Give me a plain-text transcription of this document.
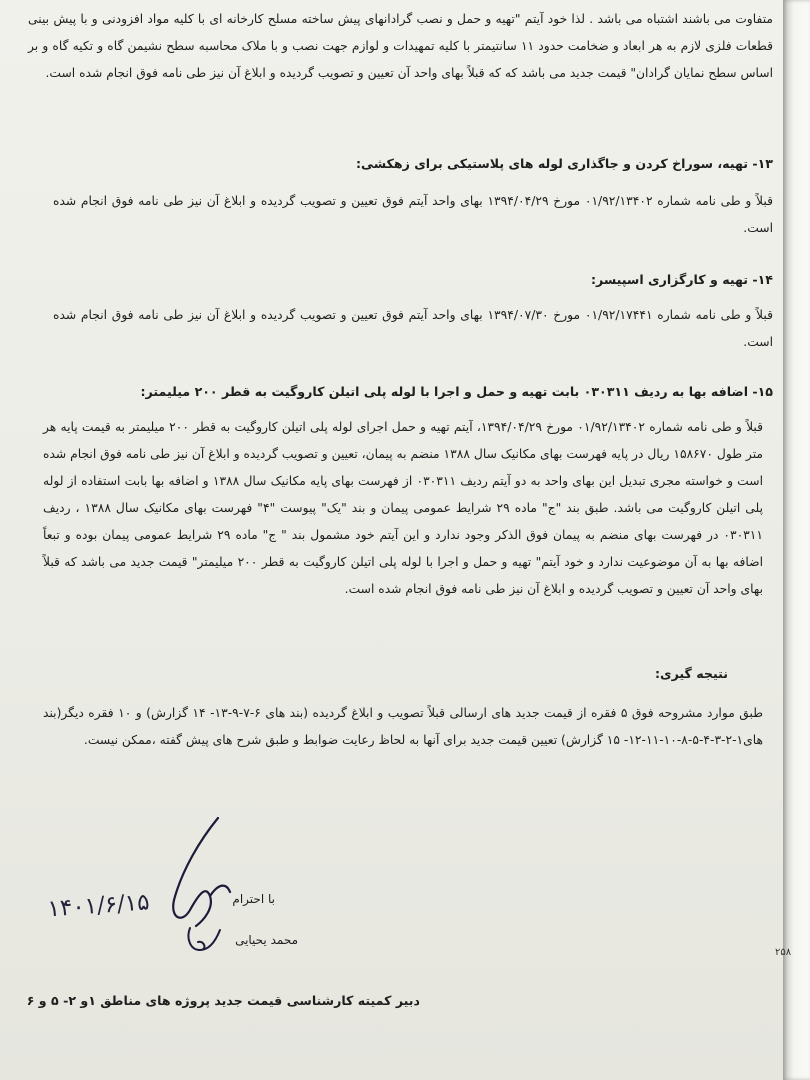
۲۵۸

متفاوت می باشند اشتباه می باشد . لذا خود آیتم "تهیه و حمل و نصب گرادانهای پیش ساخته مسلح کارخانه ای با کلیه مواد افزودنی و با پیش بینی قطعات فلزی لازم به هر ابعاد و ضخامت حدود ۱۱ سانتیمتر با کلیه تمهیدات و لوازم جهت نصب و با ملاک محاسبه سطح نشیمن گاه و تکیه گاه و بر اساس سطح نمایان گرادان" قیمت جدید می باشد که که قبلاً بهای واحد آن تعیین و تصویب گردیده و ابلاغ آن نیز طی نامه فوق انجام شده است.

۱۳- تهیه، سوراخ کردن و جاگذاری لوله های پلاستیکی برای زهکشی:

قبلاً و طی نامه شماره ۰۱/۹۲/۱۳۴۰۲ مورخ ۱۳۹۴/۰۴/۲۹ بهای واحد آیتم فوق تعیین و تصویب گردیده و ابلاغ آن نیز طی نامه فوق انجام شده است.

۱۴- تهیه و کارگزاری اسپیسر:

قبلاً و طی نامه شماره ۰۱/۹۲/۱۷۴۴۱ مورخ ۱۳۹۴/۰۷/۳۰ بهای واحد آیتم فوق تعیین و تصویب گردیده و ابلاغ آن نیز طی نامه فوق انجام شده است.

۱۵- اضافه بها به ردیف ۰۳۰۳۱۱ بابت تهیه و حمل و اجرا با لوله پلی اتیلن کاروگیت به قطر ۲۰۰ میلیمتر:

قبلاً و طی نامه شماره ۰۱/۹۲/۱۳۴۰۲ مورخ ۱۳۹۴/۰۴/۲۹، آیتم تهیه و حمل اجرای لوله پلی اتیلن کاروگیت به قطر ۲۰۰ میلیمتر به قیمت پایه هر متر طول ۱۵۸۶۷۰ ریال در پایه فهرست بهای مکانیک سال ۱۳۸۸ منضم به پیمان، تعیین و تصویب گردیده و ابلاغ آن نیز طی نامه فوق انجام شده است و خواسته مجری تبدیل این بهای واحد به دو آیتم ردیف ۰۳۰۳۱۱ از فهرست بهای پایه مکانیک سال ۱۳۸۸ و اضافه بها بابت استفاده از لوله پلی اتیلن کاروگیت می باشد. طبق بند "ج" ماده ۲۹ شرایط عمومی پیمان و بند "یک" پیوست "۴" فهرست بهای مکانیک سال ۱۳۸۸ ، ردیف ۰۳۰۳۱۱ در فهرست بهای منضم به پیمان فوق الذکر وجود ندارد و این آیتم خود مشمول بند " ج" ماده ۲۹ شرایط عمومی پیمان بوده و تبعاً اضافه بها به آن موضوعیت ندارد و خود آیتم" تهیه و حمل و اجرا با لوله پلی اتیلن کاروگیت به قطر ۲۰۰ میلیمتر" قیمت جدید می باشد که قبلاً بهای واحد آن تعیین و تصویب گردیده و ابلاغ آن نیز طی نامه فوق انجام شده است.

نتیجه گیری:

طبق موارد مشروحه فوق ۵ فقره از قیمت جدید های ارسالی قبلاً تصویب و ابلاغ گردیده (بند های ۶-۷-۹-۱۳- ۱۴ گزارش) و ۱۰ فقره دیگر(بند های۱-۲-۳-۴-۵-۸-۱۰-۱۱-۱۲- ۱۵ گزارش) تعیین قیمت جدید برای آنها به لحاظ رعایت ضوابط و طبق شرح های پیش گفته ،ممکن نیست.

با احترام
محمد یحیایی
دبیر کمیته کارشناسی قیمت جدید پروژه های مناطق ۱و ۲- ۵ و ۶
۱۴۰۱/۶/۱۵
